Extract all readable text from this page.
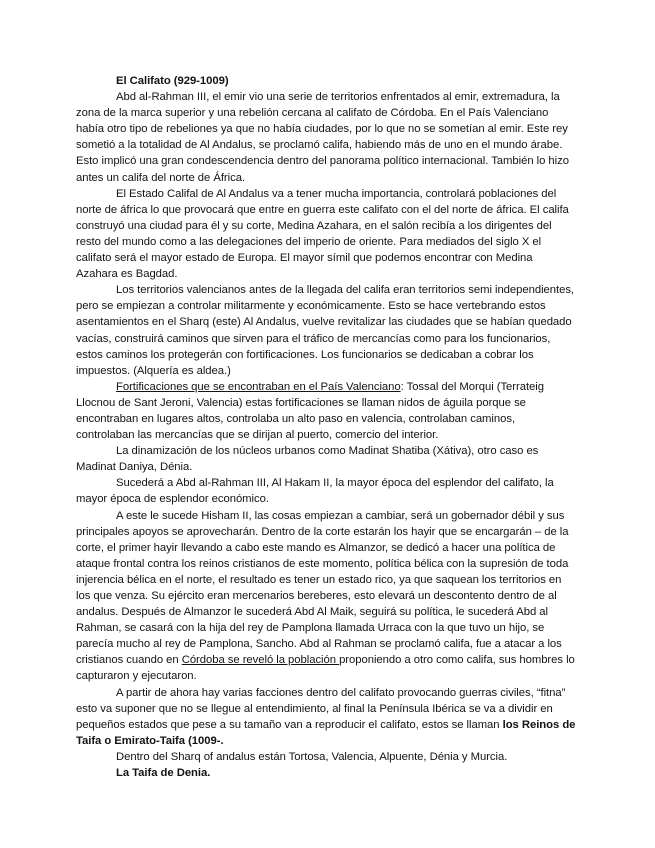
El Califato (929-1009)

Abd al-Rahman III, el emir vio una serie de territorios enfrentados al emir, extremadura, la zona de la marca superior y una rebelión cercana al califato de Córdoba. En el País Valenciano había otro tipo de rebeliones ya que no había ciudades, por lo que no se sometían al emir. Este rey sometió a la totalidad de Al Andalus, se proclamó califa, habiendo más de uno en el mundo árabe. Esto implicó una gran condescendencia dentro del panorama político internacional. También lo hizo antes un califa del norte de África.

El Estado Califal de Al Andalus va a tener mucha importancia, controlará poblaciones del norte de áfrica lo que provocará que entre en guerra este califato con el del norte de áfrica. El califa construyó una ciudad para él y su corte, Medina Azahara, en el salón recibía a los dirigentes del resto del mundo como a las delegaciones del imperio de oriente. Para mediados del siglo X el califato será el mayor estado de Europa. El mayor símil que podemos encontrar con Medina Azahara es Bagdad.

Los territorios valencianos antes de la llegada del califa eran territorios semi independientes, pero se empiezan a controlar militarmente y económicamente. Esto se hace vertebrando estos asentamientos en el Sharq (este) Al Andalus, vuelve revitalizar las ciudades que se habían quedado vacías, construirá caminos que sirven para el tráfico de mercancías como para los funcionarios, estos caminos los protegerán con fortificaciones. Los funcionarios se dedicaban a cobrar los impuestos. (Alquería es aldea.)

Fortificaciones que se encontraban en el País Valenciano: Tossal del Morqui (Terrateig Llocnou de Sant Jeroni, Valencia) estas fortificaciones se llaman nidos de águila porque se encontraban en lugares altos, controlaba un alto paso en valencia, controlaban caminos, controlaban las mercancías que se dirijan al puerto, comercio del interior.

La dinamización de los núcleos urbanos como Madinat Shatiba (Xátiva), otro caso es Madinat Daniya, Dénia.

Sucederá a Abd al-Rahman III, Al Hakam II, la mayor época del esplendor del califato, la mayor época de esplendor económico.

A este le sucede Hisham II, las cosas empiezan a cambiar, será un gobernador débil y sus principales apoyos se aprovecharán. Dentro de la corte estarán los hayir que se encargarán – de la corte, el primer hayir llevando a cabo este mando es Almanzor, se dedicó a hacer una política de ataque frontal contra los reinos cristianos de este momento, política bélica con la supresión de toda injerencia bélica en el norte, el resultado es tener un estado rico, ya que saquean los territorios en los que venza. Su ejército eran mercenarios bereberes, esto elevará un descontento dentro de al andalus. Después de Almanzor le sucederá Abd Al Maik, seguirá su política, le sucederá Abd al Rahman, se casará con la hija del rey de Pamplona llamada Urraca con la que tuvo un hijo, se parecía mucho al rey de Pamplona, Sancho. Abd al Rahman se proclamó califa, fue a atacar a los cristianos cuando en Córdoba se reveló la población proponiendo a otro como califa, sus hombres lo capturaron y ejecutaron.

A partir de ahora hay varias facciones dentro del califato provocando guerras civiles, “fitna” esto va suponer que no se llegue al entendimiento, al final la Península Ibérica se va a dividir en pequeños estados que pese a su tamaño van a reproducir el califato, estos se llaman los Reinos de Taifa o Emirato-Taifa (1009-.

Dentro del Sharq of andalus están Tortosa, Valencia, Alpuente, Dénia y Murcia.

La Taifa de Denia.
